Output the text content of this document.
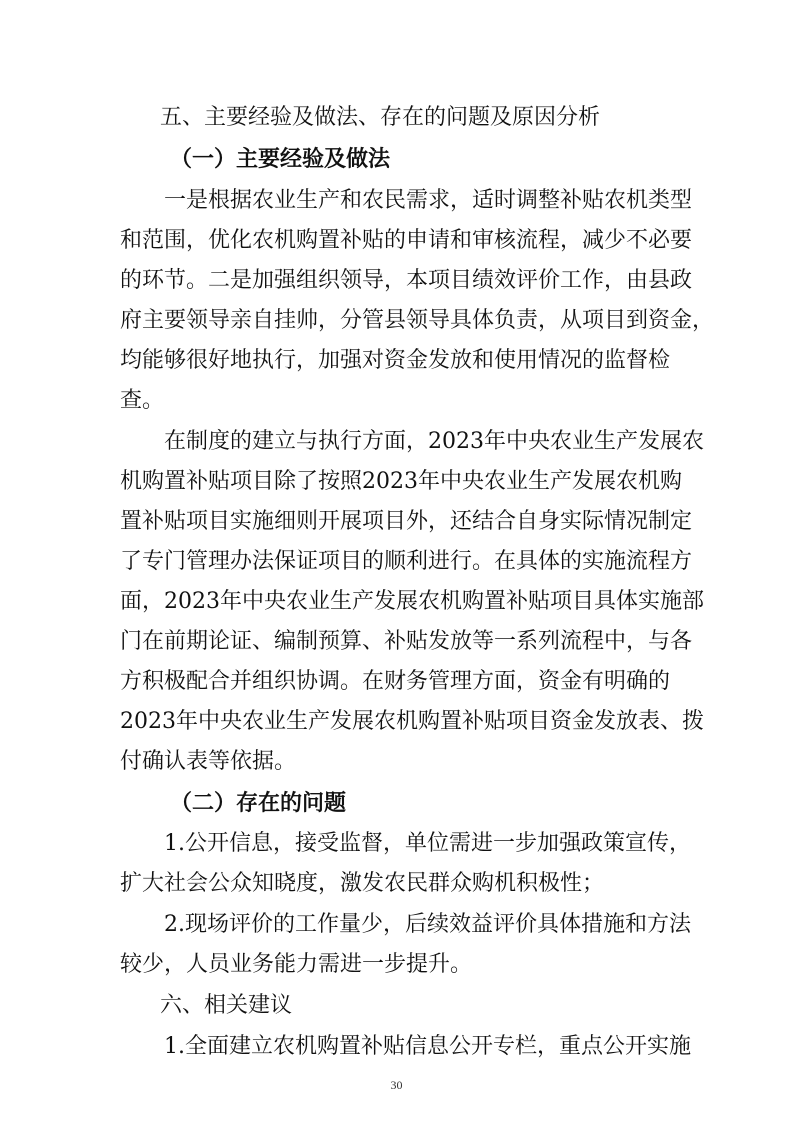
五、主要经验及做法、存在的问题及原因分析
（一）主要经验及做法
一是根据农业生产和农民需求，适时调整补贴农机类型
和范围，优化农机购置补贴的申请和审核流程，减少不必要
的环节。二是加强组织领导，本项目绩效评价工作，由县政
府主要领导亲自挂帅，分管县领导具体负责，从项目到资金，
均能够很好地执行，加强对资金发放和使用情况的监督检
查。
在制度的建立与执行方面，2023年中央农业生产发展农
机购置补贴项目除了按照2023年中央农业生产发展农机购
置补贴项目实施细则开展项目外，还结合自身实际情况制定
了专门管理办法保证项目的顺利进行。在具体的实施流程方
面，2023年中央农业生产发展农机购置补贴项目具体实施部
门在前期论证、编制预算、补贴发放等一系列流程中，与各
方积极配合并组织协调。在财务管理方面，资金有明确的
2023年中央农业生产发展农机购置补贴项目资金发放表、拨
付确认表等依据。
（二）存在的问题
1.公开信息，接受监督，单位需进一步加强政策宣传，
扩大社会公众知晓度，激发农民群众购机积极性；
2.现场评价的工作量少，后续效益评价具体措施和方法
较少，人员业务能力需进一步提升。
六、相关建议
1.全面建立农机购置补贴信息公开专栏，重点公开实施
30
